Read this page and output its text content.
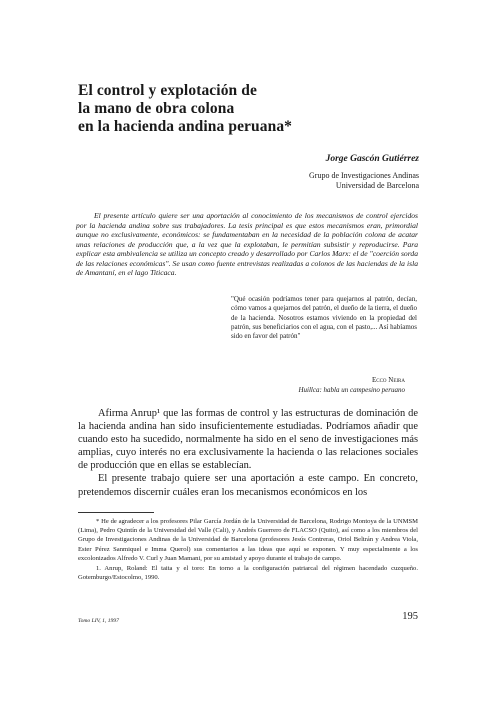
El control y explotación de
la mano de obra colona
en la hacienda andina peruana*
Jorge Gascón Gutiérrez
Grupo de Investigaciones Andinas
Universidad de Barcelona
El presente artículo quiere ser una aportación al conocimiento de los mecanismos de control ejercidos por la hacienda andina sobre sus trabajadores. La tesis principal es que estos mecanismos eran, primordial aunque no exclusivamente, económicos: se fundamentaban en la necesidad de la población colona de acatar unas relaciones de producción que, a la vez que la explotaban, le permitían subsistir y reproducirse. Para explicar esta ambivalencia se utiliza un concepto creado y desarrollado por Carlos Marx: el de "coerción sorda de las relaciones económicas". Se usan como fuente entrevistas realizadas a colonos de las haciendas de la isla de Amantaní, en el lago Titicaca.
"Qué ocasión podríamos tener para quejarnos al patrón, decían, cómo vamos a quejarnos del patrón, el dueño de la tierra, el dueño de la hacienda. Nosotros estamos viviendo en la propiedad del patrón, sus beneficiarios con el agua, con el pasto,... Así habíamos sido en favor del patrón"
Ecco Neira
Huillca: habla un campesino peruano

Afirma Anrup¹ que las formas de control y las estructuras de dominación de la hacienda andina han sido insuficientemente estudiadas. Podríamos añadir que cuando esto ha sucedido, normalmente ha sido en el seno de investigaciones más amplias, cuyo interés no era exclusivamente la hacienda o las relaciones sociales de producción que en ellas se establecían.

El presente trabajo quiere ser una aportación a este campo. En concreto, pretendemos discernir cuáles eran los mecanismos económicos en los

* He de agradecer a los profesores Pilar García Jordán de la Universidad de Barcelona, Rodrigo Montoya de la UNMSM (Lima), Pedro Quintín de la Universidad del Valle (Cali), y Andrés Guerrero de FLACSO (Quito), así como a los miembros del Grupo de Investigaciones Andinas de la Universidad de Barcelona (profesores Jesús Contreras, Oriol Beltrán y Andrea Viola, Ester Pérez Sanmiquel e Imma Querol) sus comentarios a las ideas que aquí se exponen. Y muy especialmente a los excolonizados Alfredo V. Curl y Juan Mamani, por su amistad y apoyo durante el trabajo de campo.

1. Anrup, Roland: El taita y el toro: En torno a la configuración patriarcal del régimen hacendado cuzqueño. Gotemburgo/Estocolmo, 1990.

Tomo LIV, 1, 1997	195
